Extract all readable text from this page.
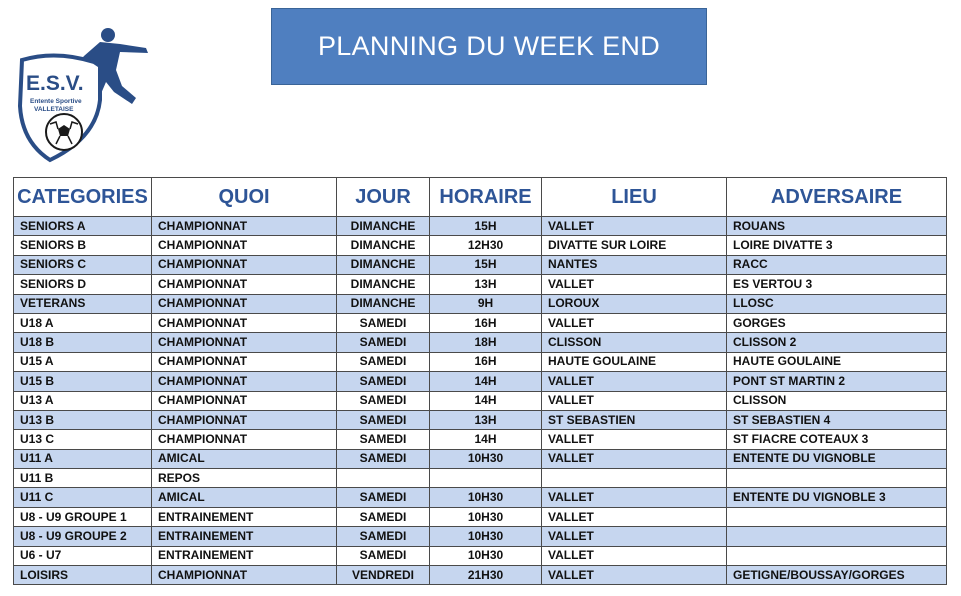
E.S.V.
Entente Sportive
VALLETAISE
PLANNING DU WEEK END
CATEGORIES	QUOI	JOUR	HORAIRE	LIEU	ADVERSAIRE
SENIORS A	CHAMPIONNAT	DIMANCHE	15H	VALLET	ROUANS
SENIORS B	CHAMPIONNAT	DIMANCHE	12H30	DIVATTE SUR LOIRE	LOIRE DIVATTE 3
SENIORS C	CHAMPIONNAT	DIMANCHE	15H	NANTES	RACC
SENIORS D	CHAMPIONNAT	DIMANCHE	13H	VALLET	ES VERTOU 3
VETERANS	CHAMPIONNAT	DIMANCHE	9H	LOROUX	LLOSC
U18 A	CHAMPIONNAT	SAMEDI	16H	VALLET	GORGES
U18 B	CHAMPIONNAT	SAMEDI	18H	CLISSON	CLISSON 2
U15 A	CHAMPIONNAT	SAMEDI	16H	HAUTE GOULAINE	HAUTE GOULAINE
U15 B	CHAMPIONNAT	SAMEDI	14H	VALLET	PONT ST MARTIN 2
U13 A	CHAMPIONNAT	SAMEDI	14H	VALLET	CLISSON
U13 B	CHAMPIONNAT	SAMEDI	13H	ST SEBASTIEN	ST SEBASTIEN 4
U13 C	CHAMPIONNAT	SAMEDI	14H	VALLET	ST FIACRE COTEAUX 3
U11 A	AMICAL	SAMEDI	10H30	VALLET	ENTENTE DU VIGNOBLE
U11 B	REPOS				
U11 C	AMICAL	SAMEDI	10H30	VALLET	ENTENTE DU VIGNOBLE 3
U8 - U9 GROUPE 1	ENTRAINEMENT	SAMEDI	10H30	VALLET	
U8 - U9 GROUPE 2	ENTRAINEMENT	SAMEDI	10H30	VALLET	
U6 - U7	ENTRAINEMENT	SAMEDI	10H30	VALLET	
LOISIRS	CHAMPIONNAT	VENDREDI	21H30	VALLET	GETIGNE/BOUSSAY/GORGES
